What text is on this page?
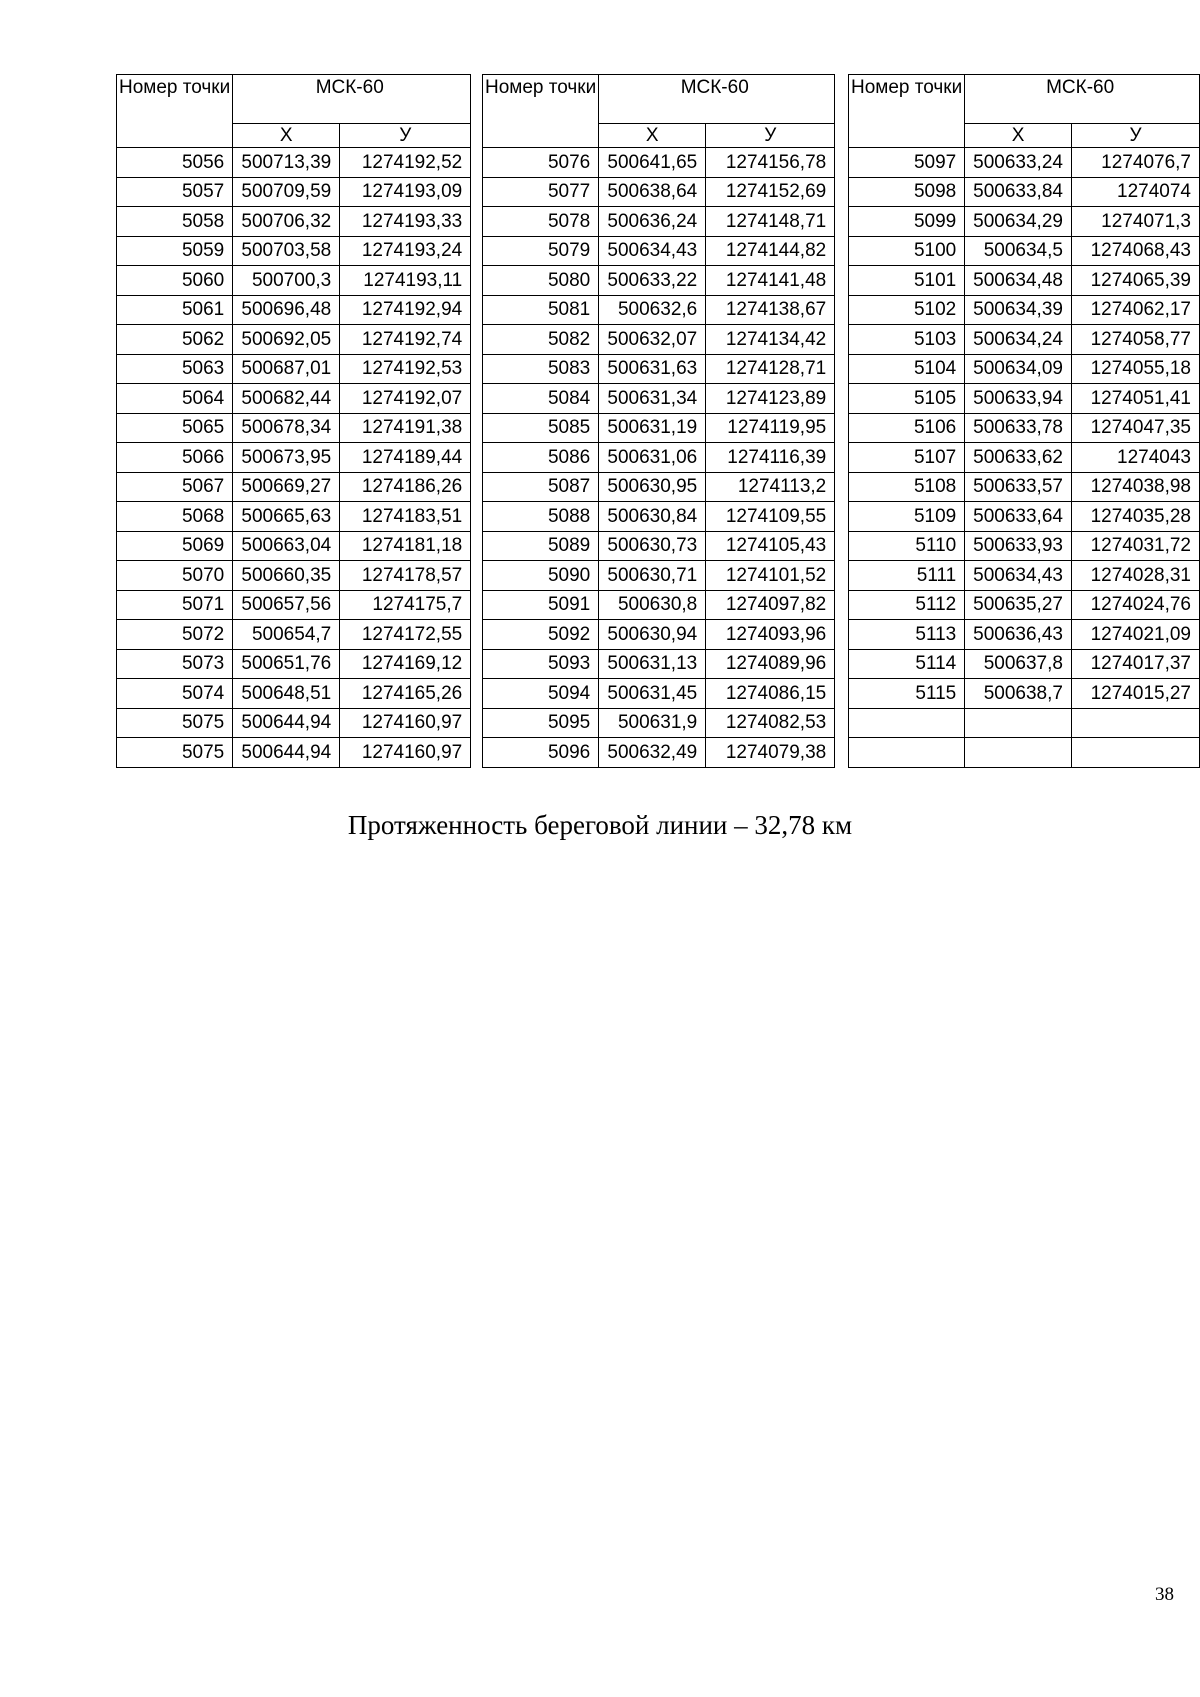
Номер точки	МСК-60	
	X	У
5056	500713,39	1274192,52
5057	500709,59	1274193,09
5058	500706,32	1274193,33
5059	500703,58	1274193,24
5060	500700,3	1274193,11
5061	500696,48	1274192,94
5062	500692,05	1274192,74
5063	500687,01	1274192,53
5064	500682,44	1274192,07
5065	500678,34	1274191,38
5066	500673,95	1274189,44
5067	500669,27	1274186,26
5068	500665,63	1274183,51
5069	500663,04	1274181,18
5070	500660,35	1274178,57
5071	500657,56	1274175,7
5072	500654,7	1274172,55
5073	500651,76	1274169,12
5074	500648,51	1274165,26
5075	500644,94	1274160,97
5075	500644,94	1274160,97
Номер точки	МСК-60	
	X	У
5076	500641,65	1274156,78
5077	500638,64	1274152,69
5078	500636,24	1274148,71
5079	500634,43	1274144,82
5080	500633,22	1274141,48
5081	500632,6	1274138,67
5082	500632,07	1274134,42
5083	500631,63	1274128,71
5084	500631,34	1274123,89
5085	500631,19	1274119,95
5086	500631,06	1274116,39
5087	500630,95	1274113,2
5088	500630,84	1274109,55
5089	500630,73	1274105,43
5090	500630,71	1274101,52
5091	500630,8	1274097,82
5092	500630,94	1274093,96
5093	500631,13	1274089,96
5094	500631,45	1274086,15
5095	500631,9	1274082,53
5096	500632,49	1274079,38
Номер точки	МСК-60	
	X	У
5097	500633,24	1274076,7
5098	500633,84	1274074
5099	500634,29	1274071,3
5100	500634,5	1274068,43
5101	500634,48	1274065,39
5102	500634,39	1274062,17
5103	500634,24	1274058,77
5104	500634,09	1274055,18
5105	500633,94	1274051,41
5106	500633,78	1274047,35
5107	500633,62	1274043
5108	500633,57	1274038,98
5109	500633,64	1274035,28
5110	500633,93	1274031,72
5111	500634,43	1274028,31
5112	500635,27	1274024,76
5113	500636,43	1274021,09
5114	500637,8	1274017,37
5115	500638,7	1274015,27

Протяженность береговой линии – 32,78 км
38
